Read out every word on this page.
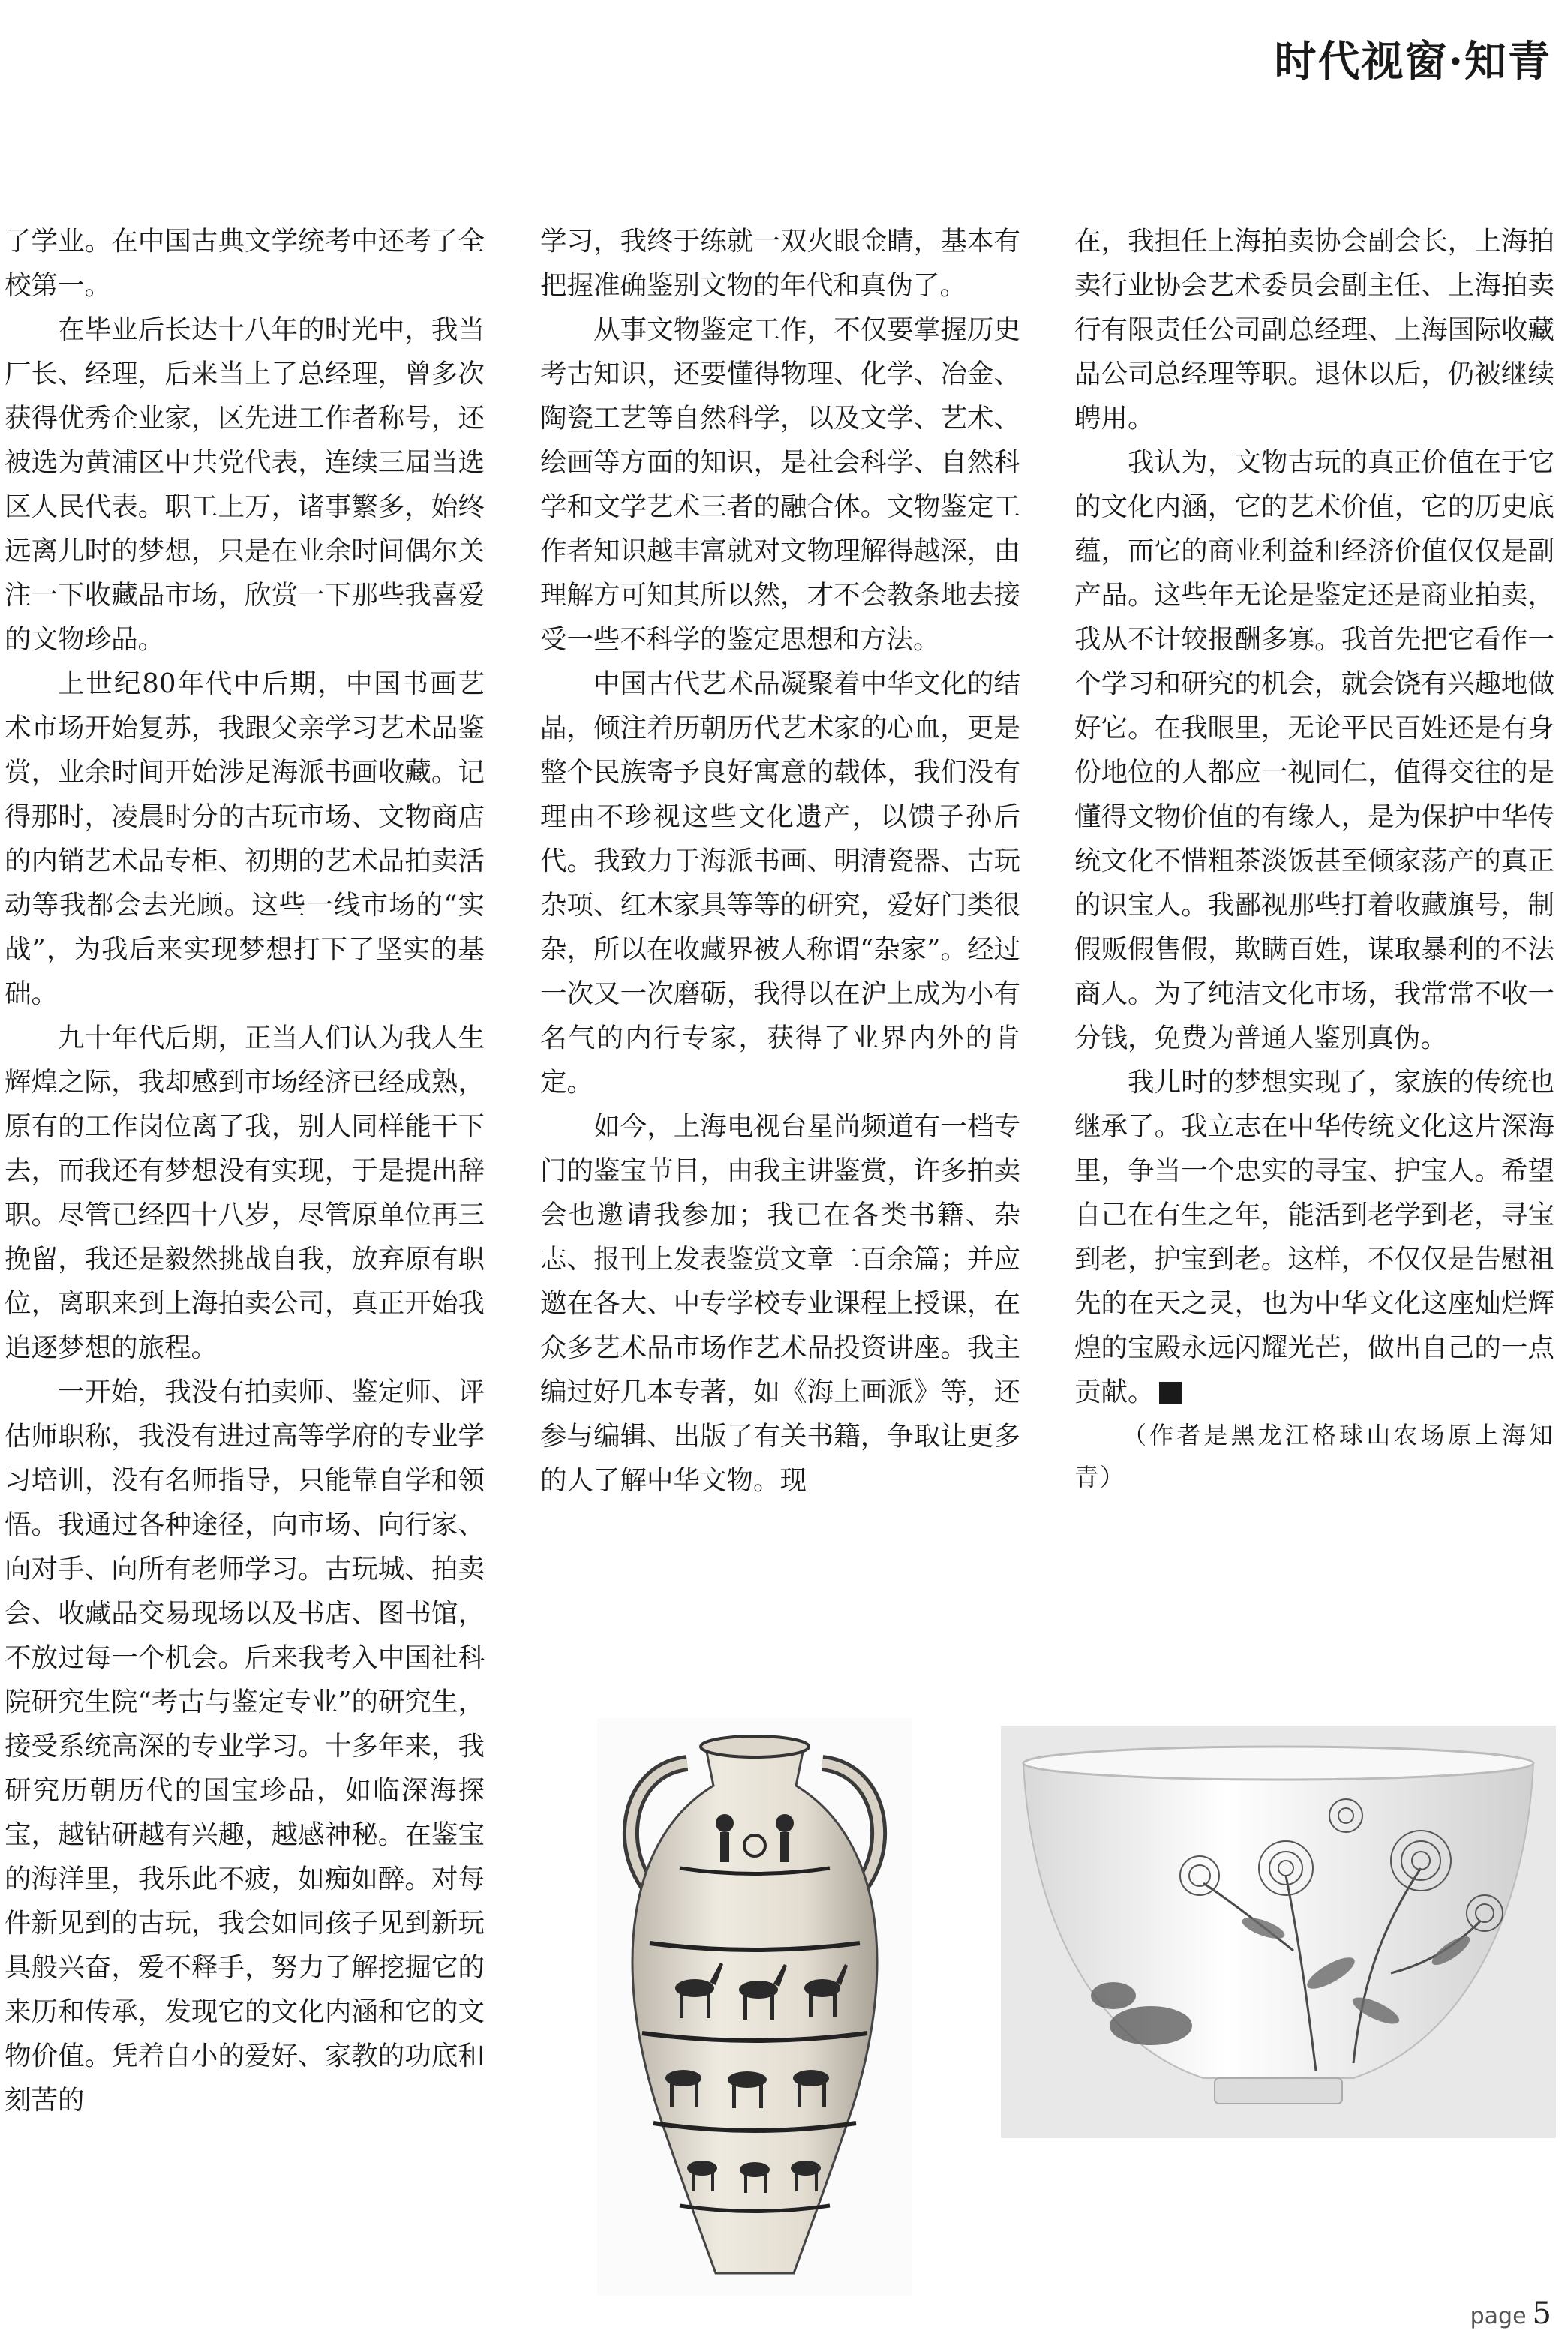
时代视窗·知青

了学业。在中国古典文学统考中还考了全校第一。

在毕业后长达十八年的时光中，我当厂长、经理，后来当上了总经理，曾多次获得优秀企业家，区先进工作者称号，还被选为黄浦区中共党代表，连续三届当选区人民代表。职工上万，诸事繁多，始终远离儿时的梦想，只是在业余时间偶尔关注一下收藏品市场，欣赏一下那些我喜爱的文物珍品。

上世纪80年代中后期，中国书画艺术市场开始复苏，我跟父亲学习艺术品鉴赏，业余时间开始涉足海派书画收藏。记得那时，凌晨时分的古玩市场、文物商店的内销艺术品专柜、初期的艺术品拍卖活动等我都会去光顾。这些一线市场的“实战”，为我后来实现梦想打下了坚实的基础。

九十年代后期，正当人们认为我人生辉煌之际，我却感到市场经济已经成熟，原有的工作岗位离了我，别人同样能干下去，而我还有梦想没有实现，于是提出辞职。尽管已经四十八岁，尽管原单位再三挽留，我还是毅然挑战自我，放弃原有职位，离职来到上海拍卖公司，真正开始我追逐梦想的旅程。

一开始，我没有拍卖师、鉴定师、评估师职称，我没有进过高等学府的专业学习培训，没有名师指导，只能靠自学和领悟。我通过各种途径，向市场、向行家、向对手、向所有老师学习。古玩城、拍卖会、收藏品交易现场以及书店、图书馆，不放过每一个机会。后来我考入中国社科院研究生院“考古与鉴定专业”的研究生，接受系统高深的专业学习。十多年来，我研究历朝历代的国宝珍品，如临深海探宝，越钻研越有兴趣，越感神秘。在鉴宝的海洋里，我乐此不疲，如痴如醉。对每件新见到的古玩，我会如同孩子见到新玩具般兴奋，爱不释手，努力了解挖掘它的来历和传承，发现它的文化内涵和它的文物价值。凭着自小的爱好、家教的功底和刻苦的

学习，我终于练就一双火眼金睛，基本有把握准确鉴别文物的年代和真伪了。

从事文物鉴定工作，不仅要掌握历史考古知识，还要懂得物理、化学、冶金、陶瓷工艺等自然科学，以及文学、艺术、绘画等方面的知识，是社会科学、自然科学和文学艺术三者的融合体。文物鉴定工作者知识越丰富就对文物理解得越深，由理解方可知其所以然，才不会教条地去接受一些不科学的鉴定思想和方法。

中国古代艺术品凝聚着中华文化的结晶，倾注着历朝历代艺术家的心血，更是整个民族寄予良好寓意的载体，我们没有理由不珍视这些文化遗产，以馈子孙后代。我致力于海派书画、明清瓷器、古玩杂项、红木家具等等的研究，爱好门类很杂，所以在收藏界被人称谓“杂家”。经过一次又一次磨砺，我得以在沪上成为小有名气的内行专家，获得了业界内外的肯定。

如今，上海电视台星尚频道有一档专门的鉴宝节目，由我主讲鉴赏，许多拍卖会也邀请我参加；我已在各类书籍、杂志、报刊上发表鉴赏文章二百余篇；并应邀在各大、中专学校专业课程上授课，在众多艺术品市场作艺术品投资讲座。我主编过好几本专著，如《海上画派》等，还参与编辑、出版了有关书籍，争取让更多的人了解中华文物。现

在，我担任上海拍卖协会副会长，上海拍卖行业协会艺术委员会副主任、上海拍卖行有限责任公司副总经理、上海国际收藏品公司总经理等职。退休以后，仍被继续聘用。

我认为，文物古玩的真正价值在于它的文化内涵，它的艺术价值，它的历史底蕴，而它的商业利益和经济价值仅仅是副产品。这些年无论是鉴定还是商业拍卖，我从不计较报酬多寡。我首先把它看作一个学习和研究的机会，就会饶有兴趣地做好它。在我眼里，无论平民百姓还是有身份地位的人都应一视同仁，值得交往的是懂得文物价值的有缘人，是为保护中华传统文化不惜粗茶淡饭甚至倾家荡产的真正的识宝人。我鄙视那些打着收藏旗号，制假贩假售假，欺瞒百姓，谋取暴利的不法商人。为了纯洁文化市场，我常常不收一分钱，免费为普通人鉴别真伪。

我儿时的梦想实现了，家族的传统也继承了。我立志在中华传统文化这片深海里，争当一个忠实的寻宝、护宝人。希望自己在有生之年，能活到老学到老，寻宝到老，护宝到老。这样，不仅仅是告慰祖先的在天之灵，也为中华文化这座灿烂辉煌的宝殿永远闪耀光芒，做出自己的一点贡献。	Z

（作者是黑龙江格球山农场原上海知青）

page 5
